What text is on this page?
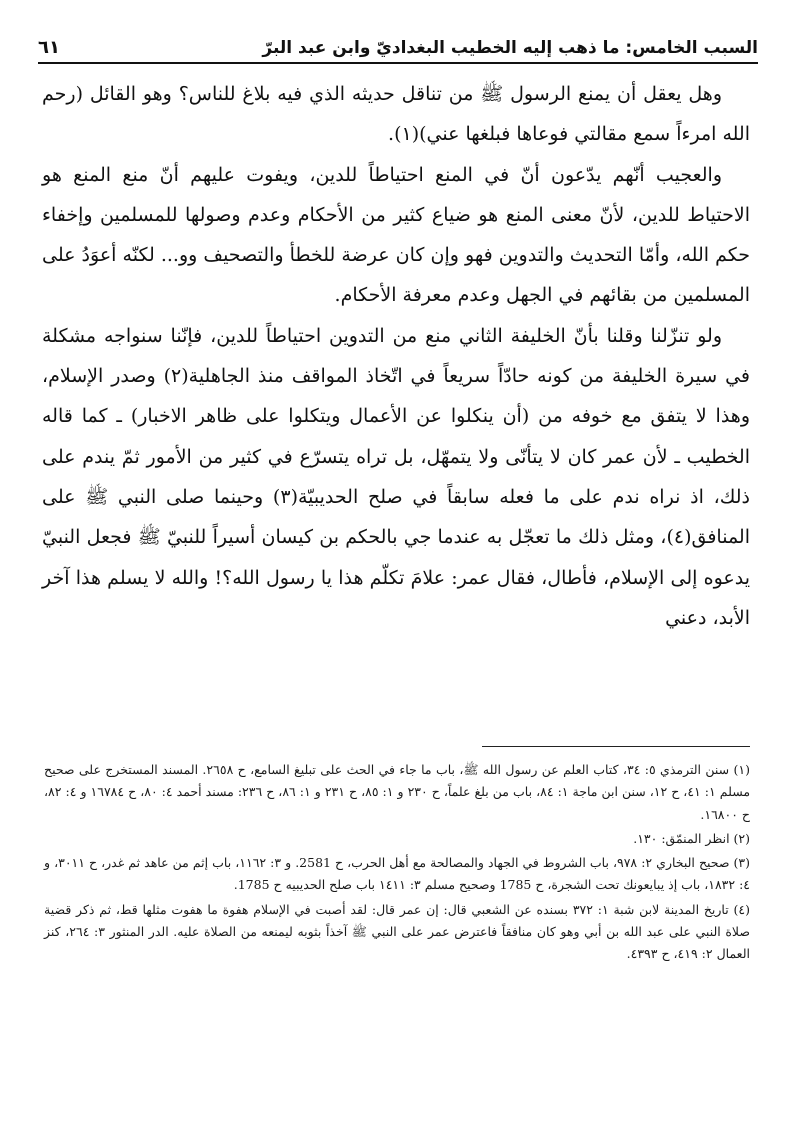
السبب الخامس: ما ذهب إليه الخطيب البغداديّ وابن عبد البرّ
٦١

وهل يعقل أن يمنع الرسول ﷺ من تناقل حديثه الذي فيه بلاغ للناس؟ وهو القائل (رحم الله امرءاً سمع مقالتي فوعاها فبلغها عني)(١).

والعجيب أنّهم يدّعون أنّ في المنع احتياطاً للدين، ويفوت عليهم أنّ منع المنع هو الاحتياط للدين، لأنّ معنى المنع هو ضياع كثير من الأحكام وعدم وصولها للمسلمين وإخفاء حكم الله، وأمّا التحديث والتدوين فهو وإن كان عرضة للخطأ والتصحيف وو... لكنّه أعوَدُ على المسلمين من بقائهم في الجهل وعدم معرفة الأحكام.

ولو تنزّلنا وقلنا بأنّ الخليفة الثاني منع من التدوين احتياطاً للدين، فإنّنا سنواجه مشكلة في سيرة الخليفة من كونه حادّاً سريعاً في اتّخاذ المواقف منذ الجاهلية(٢) وصدر الإسلام، وهذا لا يتفق مع خوفه من (أن ينكلوا عن الأعمال ويتكلوا على ظاهر الاخبار) ـ كما قاله الخطيب ـ لأن عمر كان لا يتأنّى ولا يتمهّل، بل تراه يتسرّع في كثير من الأمور ثمّ يندم على ذلك، اذ نراه ندم على ما فعله سابقاً في صلح الحديبيّة(٣) وحينما صلى النبي ﷺ على المنافق(٤)، ومثل ذلك ما تعجّل به عندما جي بالحكم بن كيسان أسيراً للنبيّ ﷺ فجعل النبيّ يدعوه إلى الإسلام، فأطال، فقال عمر: علامَ تكلّم هذا يا رسول الله؟! والله لا يسلم هذا آخر الأبد، دعني

(١) سنن الترمذي ٥: ٣٤، كتاب العلم عن رسول الله ﷺ، باب ما جاء في الحث على تبليغ السامع، ح ٢٦٥٨. المسند المستخرج على صحيح مسلم ١: ٤١، ح ١٢، سنن ابن ماجة ١: ٨٤، باب من بلغ علماً، ح ٢٣٠ و ١: ٨٥، ح ٢٣١ و ١: ٨٦، ح ٢٣٦: مسند أحمد ٤: ٨٠، ح ١٦٧٨٤ و ٤: ٨٢، ح ١٦٨٠٠.

(٢) انظر المنمّق: ١٣٠.

(٣) صحيح البخاري ٢: ٩٧٨، باب الشروط في الجهاد والمصالحة مع أهل الحرب، ح 2581. و ٣: ١١٦٢، باب إثم من عاهد ثم غدر، ح ٣٠١١، و ٤: ١٨٣٢، باب إذ يبايعونك تحت الشجرة، ح 1785 وصحيح مسلم ٣: ١٤١١ باب صلح الحديبيه ح 1785.

(٤) تاريخ المدينة لابن شبة ١: ٣٧٢ بسنده عن الشعبي قال: إن عمر قال: لقد أصبت في الإسلام هفوة ما هفوت مثلها قط، ثم ذكر قضية صلاة النبي على عبد الله بن أبي وهو كان منافقاً فاعترض عمر على النبي ﷺ آخذاً بثوبه ليمنعه من الصلاة عليه. الدر المنثور ٣: ٢٦٤، كنز العمال ٢: ٤١٩، ح ٤٣٩٣.
